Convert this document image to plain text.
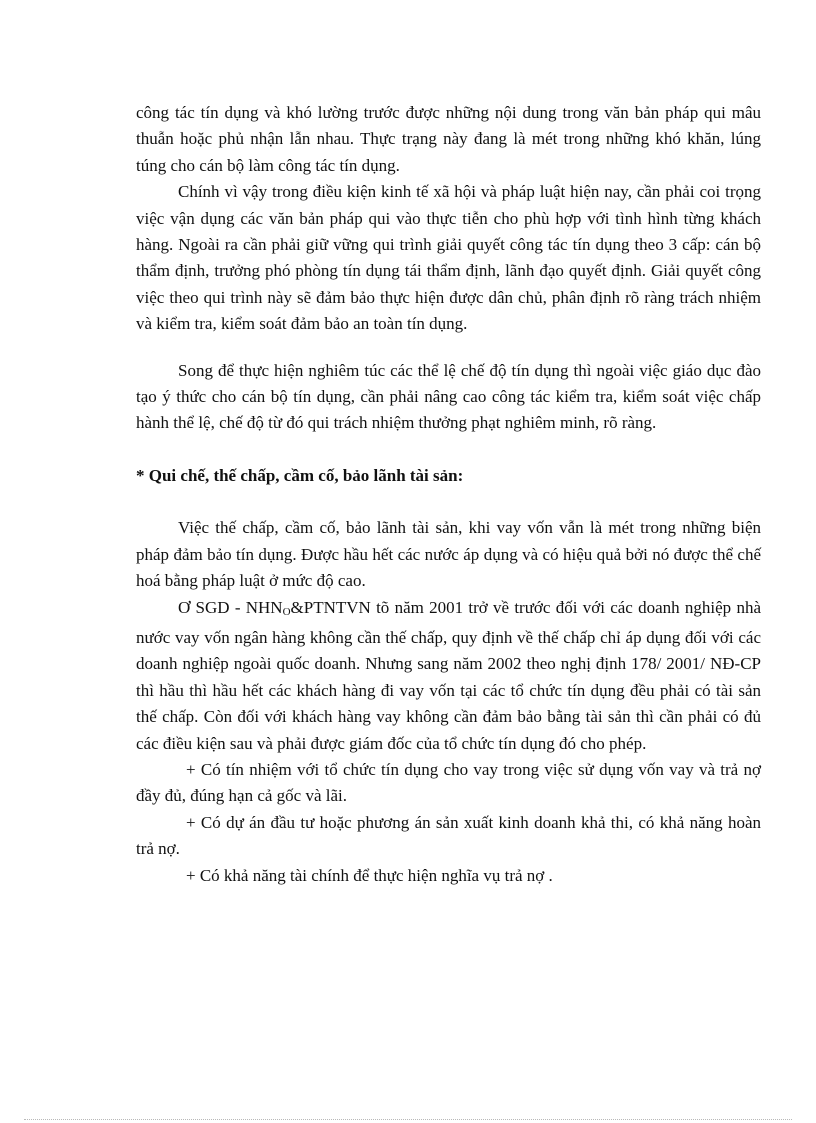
công tác tín dụng và khó lường trước được những nội dung trong văn bản pháp qui mâu thuẫn hoặc phủ nhận lẫn nhau. Thực trạng này đang là mét trong những khó khăn, lúng túng cho cán bộ làm công tác tín dụng.

Chính vì vậy trong điều kiện kinh tế xã hội và pháp luật hiện nay, cần phải coi trọng việc vận dụng các văn bản pháp qui vào thực tiễn cho phù hợp với tình hình từng khách hàng. Ngoài ra cần phải giữ vững qui trình giải quyết công tác tín dụng theo 3 cấp: cán bộ thẩm định, trưởng phó phòng tín dụng tái thẩm định, lãnh đạo quyết định. Giải quyết công việc theo qui trình này sẽ đảm bảo thực hiện được dân chủ, phân định rõ ràng trách nhiệm và kiểm tra, kiểm soát đảm bảo an toàn tín dụng.

Song để thực hiện nghiêm túc các thể lệ chế độ tín dụng thì ngoài việc giáo dục đào tạo ý thức cho cán bộ tín dụng, cần phải nâng cao công tác kiểm tra, kiểm soát việc chấp hành thể lệ, chế độ từ đó qui trách nhiệm thưởng phạt nghiêm minh, rõ ràng.

* Qui chế, thế chấp, cầm cố, bảo lãnh tài sản:

Việc thế chấp, cầm cố, bảo lãnh tài sản, khi vay vốn vẫn là mét trong những biện pháp đảm bảo tín dụng. Được hầu hết các nước áp dụng và có hiệu quả bởi nó được thể chế hoá bằng pháp luật ở mức độ cao.

Ơ SGD - NHNO&PTNTVN tõ năm 2001 trở về trước đối với các doanh nghiệp nhà nước vay vốn ngân hàng không cần thế chấp, quy định về thế chấp chỉ áp dụng đối với các doanh nghiệp ngoài quốc doanh. Nhưng sang năm 2002 theo nghị định 178/ 2001/ NĐ-CP thì hầu thì hầu hết các khách hàng đi vay vốn tại các tổ chức tín dụng đều phải có tài sản thế chấp. Còn đối với khách hàng vay không cần đảm bảo bằng tài sản thì cần phải có đủ các điều kiện sau và phải được giám đốc của tổ chức tín dụng đó cho phép.

+ Có tín nhiệm với tổ chức tín dụng cho vay trong việc sử dụng vốn vay và trả nợ đầy đủ, đúng hạn cả gốc và lãi.

+ Có dự án đầu tư hoặc phương án sản xuất kinh doanh khả thi, có khả năng hoàn trả nợ.

+ Có khả năng tài chính để thực hiện nghĩa vụ trả nợ .
